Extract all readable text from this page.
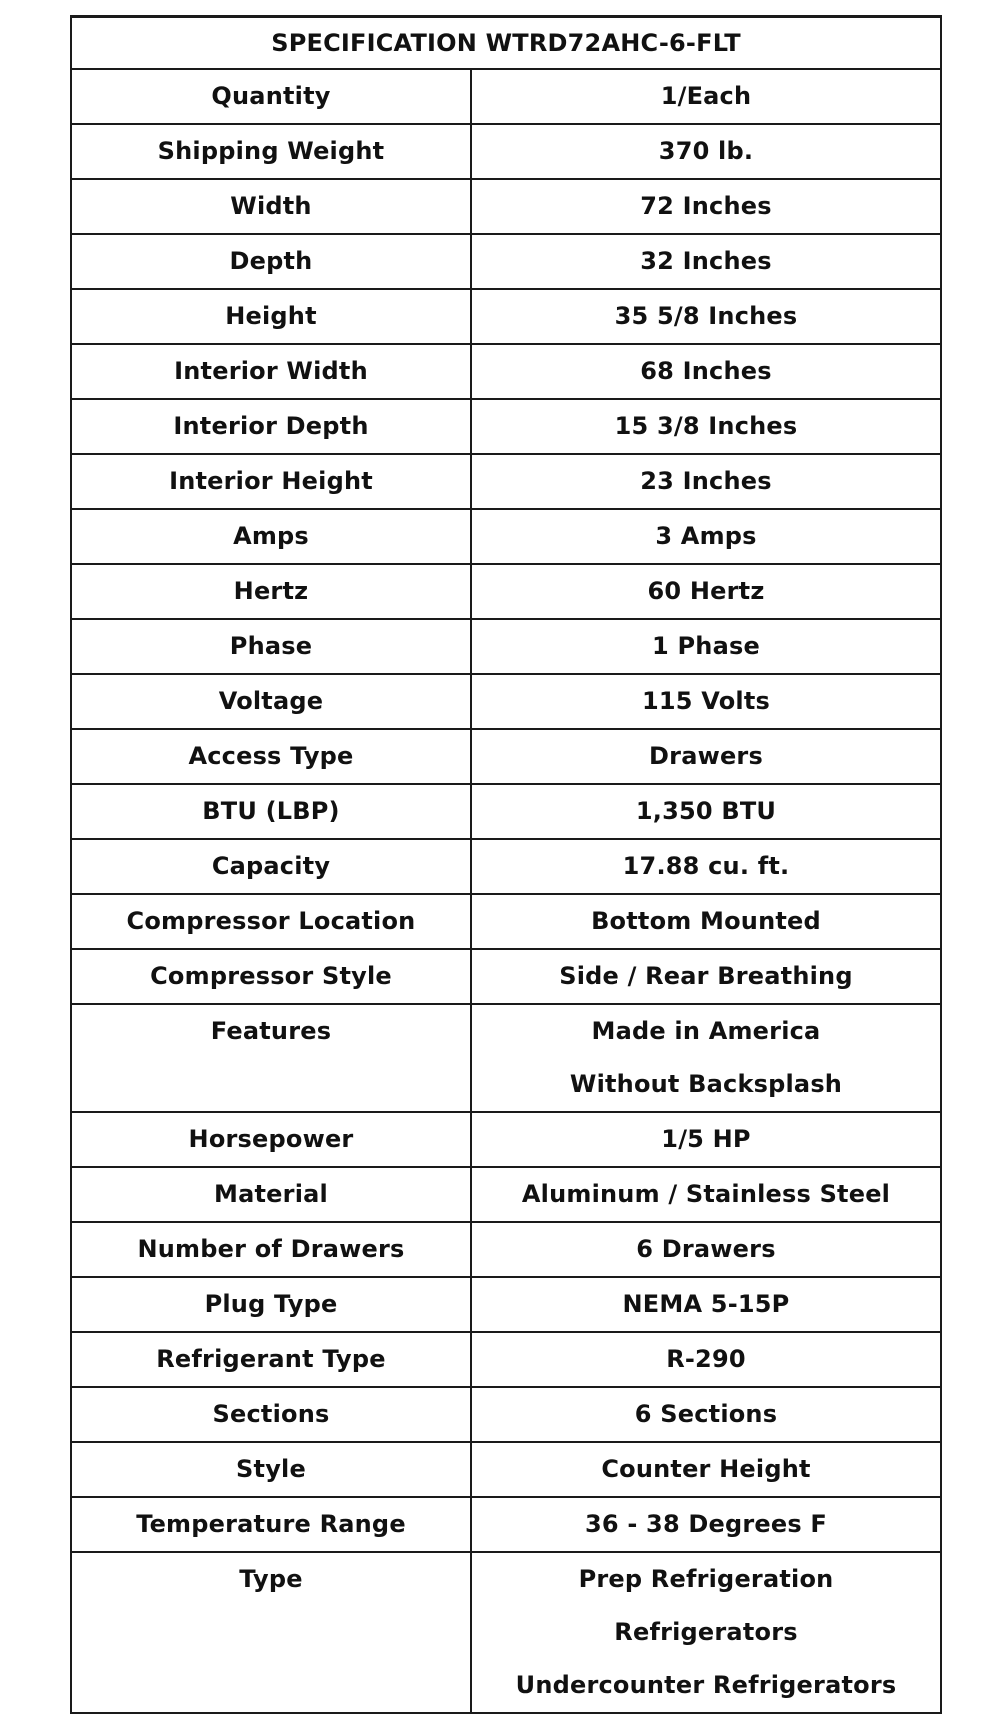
SPECIFICATION WTRD72AHC-6-FLT	
Quantity	1/Each

Shipping Weight	370 lb.

Width	72 Inches

Depth	32 Inches

Height	35 5/8 Inches

Interior Width	68 Inches

Interior Depth	15 3/8 Inches

Interior Height	23 Inches

Amps	3 Amps

Hertz	60 Hertz

Phase	1 Phase

Voltage	115 Volts

Access Type	Drawers

BTU (LBP)	1,350 BTU

Capacity	17.88 cu. ft.

Compressor Location	Bottom Mounted

Compressor Style	Side / Rear Breathing

Features	Made in America
Without Backsplash

Horsepower	1/5 HP

Material	Aluminum / Stainless Steel

Number of Drawers	6 Drawers

Plug Type	NEMA 5-15P

Refrigerant Type	R-290

Sections	6 Sections

Style	Counter Height

Temperature Range	36 - 38 Degrees F

Type	Prep Refrigeration
Refrigerators
Undercounter Refrigerators
